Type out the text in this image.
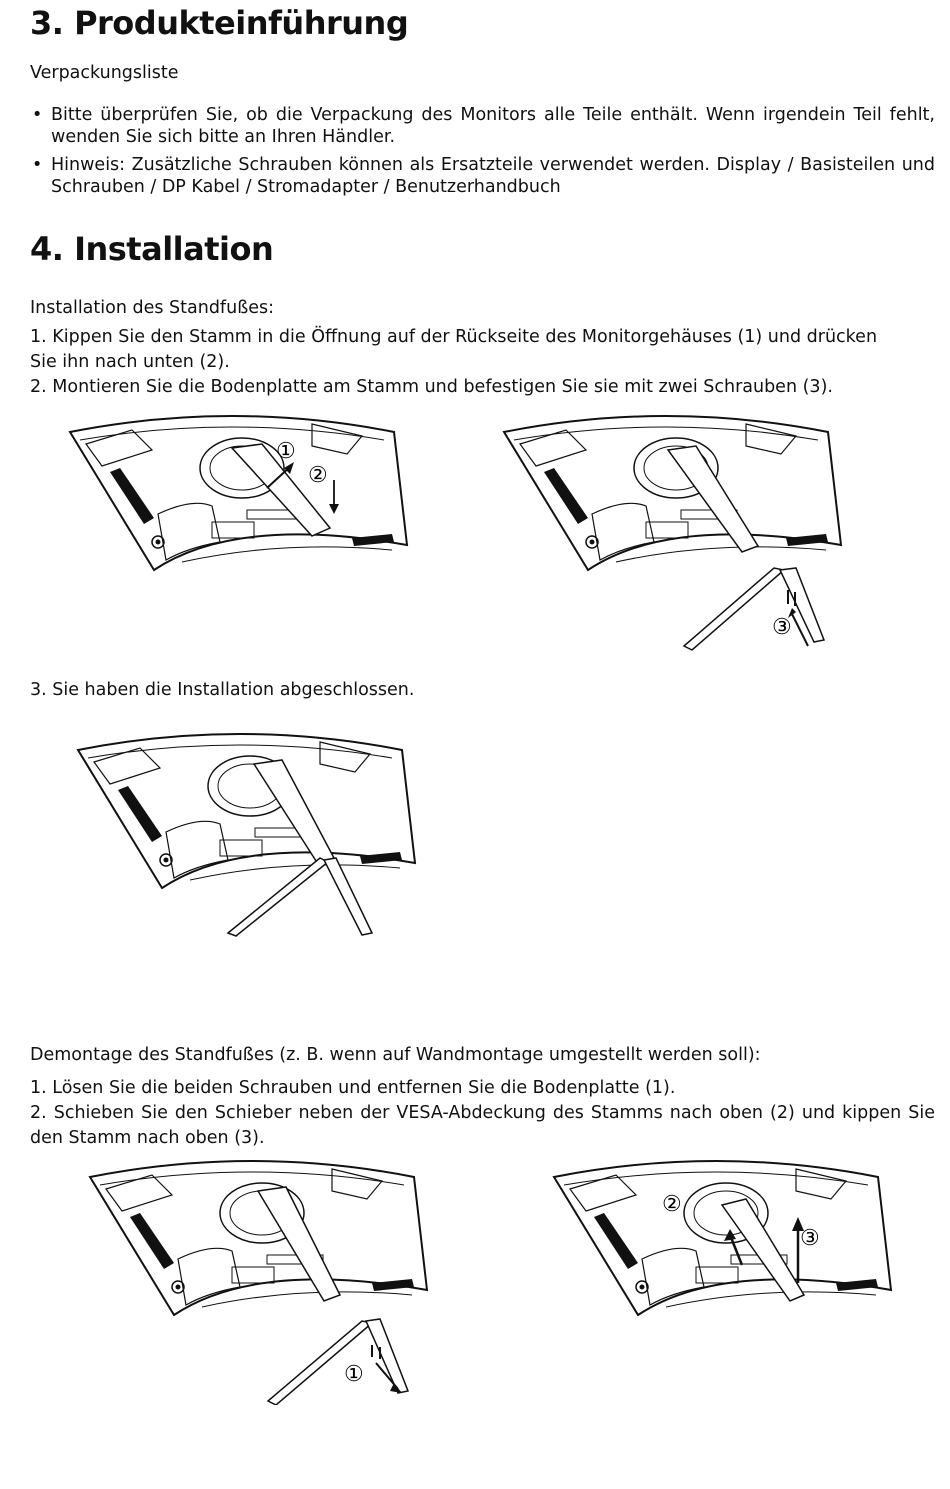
3. Produkteinführung

Verpackungsliste

• Bitte überprüfen Sie, ob die Verpackung des Monitors alle Teile enthält. Wenn irgendein Teil fehlt, wenden Sie sich bitte an Ihren Händler.
• Hinweis: Zusätzliche Schrauben können als Ersatzteile verwendet werden. Display / Basisteilen und Schrauben / DP Kabel / Stromadapter / Benutzerhandbuch
4. Installation

Installation des Standfußes:

1. Kippen Sie den Stamm in die Öffnung auf der Rückseite des Monitorgehäuses (1) und drücken Sie ihn nach unten (2).

2. Montieren Sie die Bodenplatte am Stamm und befestigen Sie sie mit zwei Schrauben (3).

①
②
③

3. Sie haben die Installation abgeschlossen.

Demontage des Standfußes (z. B. wenn auf Wandmontage umgestellt werden soll):

1. Lösen Sie die beiden Schrauben und entfernen Sie die Bodenplatte (1).

2. Schieben Sie den Schieber neben der VESA-Abdeckung des Stamms nach oben (2) und kippen Sie den Stamm nach oben (3).

①
②
③
